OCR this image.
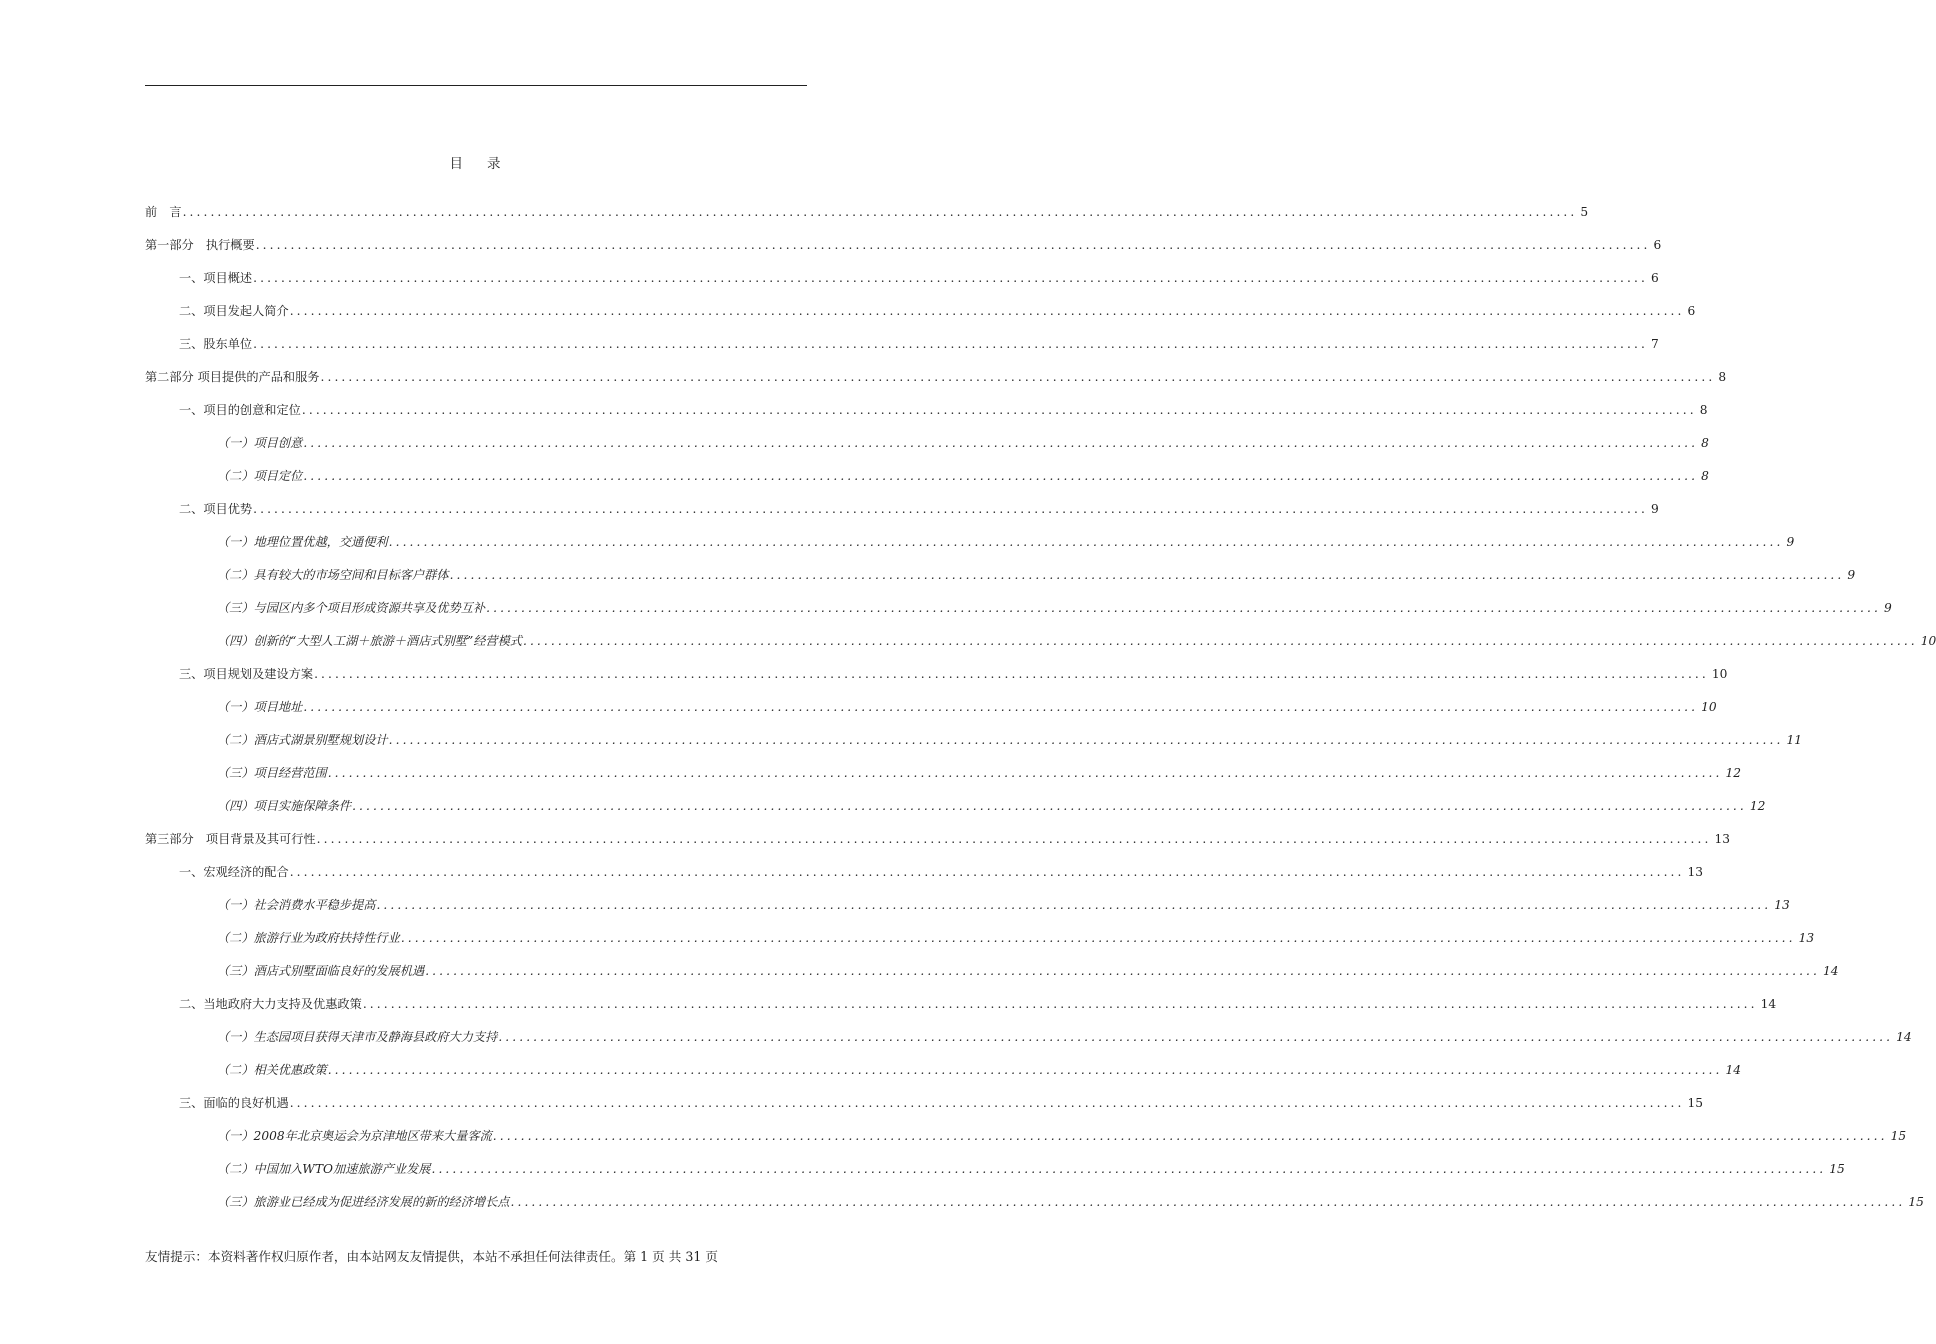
目 录
前　言 ........................................................................................................................................................................................................ 5
第一部分　执行概要 ........................................................................................................................................................................................................ 6
一、项目概述 ........................................................................................................................................................................................................ 6
二、项目发起人简介 ........................................................................................................................................................................................................ 6
三、股东单位 ........................................................................................................................................................................................................ 7
第二部分 项目提供的产品和服务 ........................................................................................................................................................................................................ 8
一、项目的创意和定位 ........................................................................................................................................................................................................ 8
（一）项目创意 ........................................................................................................................................................................................................ 8
（二）项目定位 ........................................................................................................................................................................................................ 8
二、项目优势 ........................................................................................................................................................................................................ 9
（一）地理位置优越，交通便利 ........................................................................................................................................................................................................ 9
（二）具有较大的市场空间和目标客户群体 ........................................................................................................................................................................................................ 9
（三）与园区内多个项目形成资源共享及优势互补 ........................................................................................................................................................................................................ 9
（四）创新的“大型人工湖＋旅游＋酒店式别墅”经营模式 ........................................................................................................................................................................................................ 10
三、项目规划及建设方案 ........................................................................................................................................................................................................ 10
（一）项目地址 ........................................................................................................................................................................................................ 10
（二）酒店式湖景别墅规划设计 ........................................................................................................................................................................................................ 11
（三）项目经营范围 ........................................................................................................................................................................................................ 12
（四）项目实施保障条件 ........................................................................................................................................................................................................ 12
第三部分　项目背景及其可行性 ........................................................................................................................................................................................................ 13
一、宏观经济的配合 ........................................................................................................................................................................................................ 13
（一）社会消费水平稳步提高 ........................................................................................................................................................................................................ 13
（二）旅游行业为政府扶持性行业 ........................................................................................................................................................................................................ 13
（三）酒店式别墅面临良好的发展机遇 ........................................................................................................................................................................................................ 14
二、当地政府大力支持及优惠政策 ........................................................................................................................................................................................................ 14
（一）生态园项目获得天津市及静海县政府大力支持 ........................................................................................................................................................................................................ 14
（二）相关优惠政策 ........................................................................................................................................................................................................ 14
三、面临的良好机遇 ........................................................................................................................................................................................................ 15
（一）2008年北京奥运会为京津地区带来大量客流 ........................................................................................................................................................................................................ 15
（二）中国加入WTO加速旅游产业发展 ........................................................................................................................................................................................................ 15
（三）旅游业已经成为促进经济发展的新的经济增长点 ........................................................................................................................................................................................................ 15
友情提示：本资料著作权归原作者，由本站网友友情提供，本站不承担任何法律责任。第 1 页 共 31 页
